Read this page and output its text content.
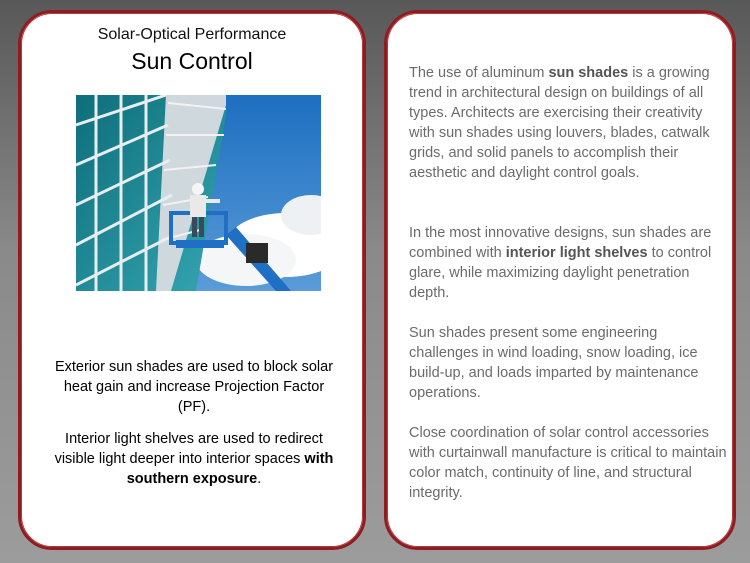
Solar-Optical Performance
Sun Control
Exterior sun shades are used to block solar heat gain and increase Projection Factor (PF).
Interior light shelves are used to redirect visible light deeper into interior spaces with southern exposure.
The use of aluminum sun shades is a growing trend in architectural design on buildings of all types. Architects are exercising their creativity with sun shades using louvers, blades, catwalk grids, and solid panels to accomplish their aesthetic and daylight control goals.
In the most innovative designs, sun shades are combined with interior light shelves to control glare, while maximizing daylight penetration depth.
Sun shades present some engineering challenges in wind loading, snow loading, ice build-up, and loads imparted by maintenance operations.
Close coordination of solar control accessories with curtainwall manufacture is critical to maintain color match, continuity of line, and structural integrity.
